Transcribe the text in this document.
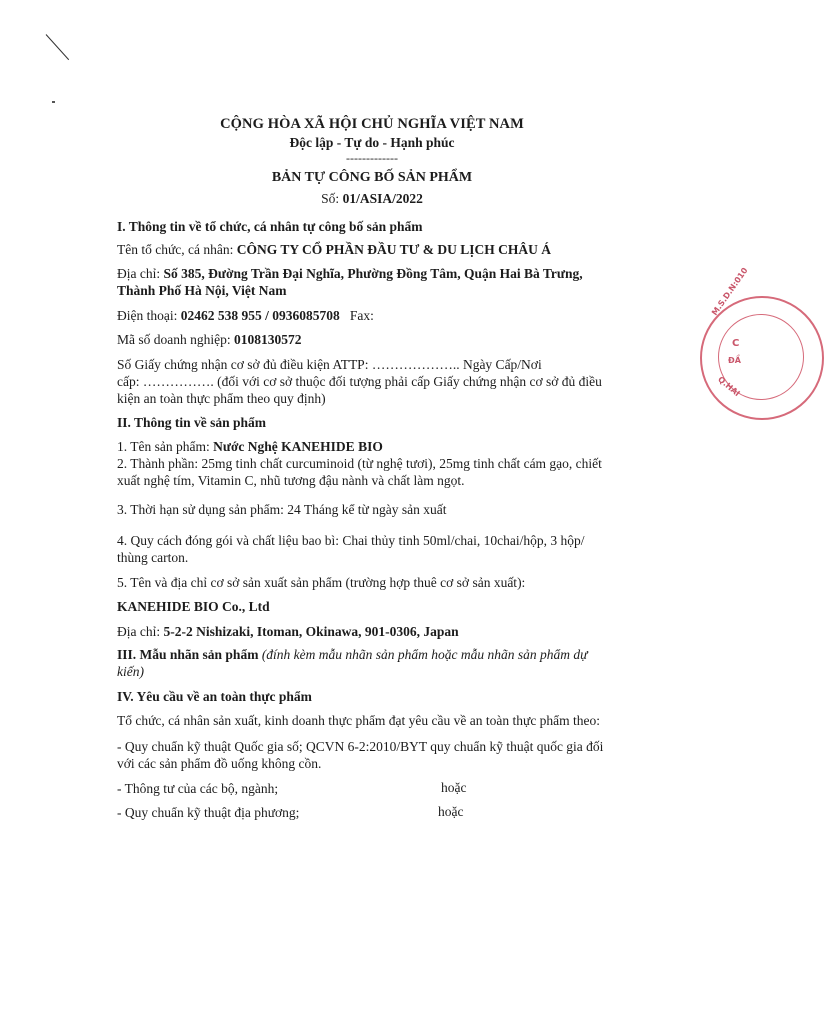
CỘNG HÒA XÃ HỘI CHỦ NGHĨA VIỆT NAM
Độc lập - Tự do - Hạnh phúc
-------------
BẢN TỰ CÔNG BỐ SẢN PHẨM
Số: 01/ASIA/2022
I. Thông tin về tổ chức, cá nhân tự công bố sản phẩm
Tên tổ chức, cá nhân: CÔNG TY CỔ PHẦN ĐẦU TƯ & DU LỊCH CHÂU Á
Địa chỉ: Số 385, Đường Trần Đại Nghĩa, Phường Đồng Tâm, Quận Hai Bà Trưng,
Thành Phố Hà Nội, Việt Nam
Điện thoại: 02462 538 955 / 0936085708   Fax:
Mã số doanh nghiệp: 0108130572
Số Giấy chứng nhận cơ sở đủ điều kiện ATTP: ……………….. Ngày Cấp/Nơi
cấp: ……………. (đối với cơ sở thuộc đối tượng phải cấp Giấy chứng nhận cơ sở đủ điều
kiện an toàn thực phẩm theo quy định)
II. Thông tin về sản phẩm
1. Tên sản phẩm: Nước Nghệ KANEHIDE BIO
2. Thành phần: 25mg tinh chất curcuminoid (từ nghệ tươi), 25mg tinh chất cám gạo, chiết
xuất nghệ tím, Vitamin C, nhũ tương đậu nành và chất làm ngọt.
3. Thời hạn sử dụng sản phẩm: 24 Tháng kể từ ngày sản xuất
4. Quy cách đóng gói và chất liệu bao bì: Chai thủy tinh 50ml/chai, 10chai/hộp, 3 hộp/
thùng carton.
5. Tên và địa chỉ cơ sở sản xuất sản phẩm (trường hợp thuê cơ sở sản xuất):
KANEHIDE BIO Co., Ltd
Địa chỉ: 5-2-2 Nishizaki, Itoman, Okinawa, 901-0306, Japan
III. Mẫu nhãn sản phẩm (đính kèm mẫu nhãn sản phẩm hoặc mẫu nhãn sản phẩm dự
kiến)
IV. Yêu cầu về an toàn thực phẩm
Tổ chức, cá nhân sản xuất, kinh doanh thực phẩm đạt yêu cầu về an toàn thực phẩm theo:
- Quy chuẩn kỹ thuật Quốc gia số; QCVN 6-2:2010/BYT quy chuẩn kỹ thuật quốc gia đối
với các sản phẩm đồ uống không cồn.
- Thông tư của các bộ, ngành;	hoặc
- Quy chuẩn kỹ thuật địa phương;	hoặc
M.S.D.N:010
C
ĐẦ
Q.HAI
